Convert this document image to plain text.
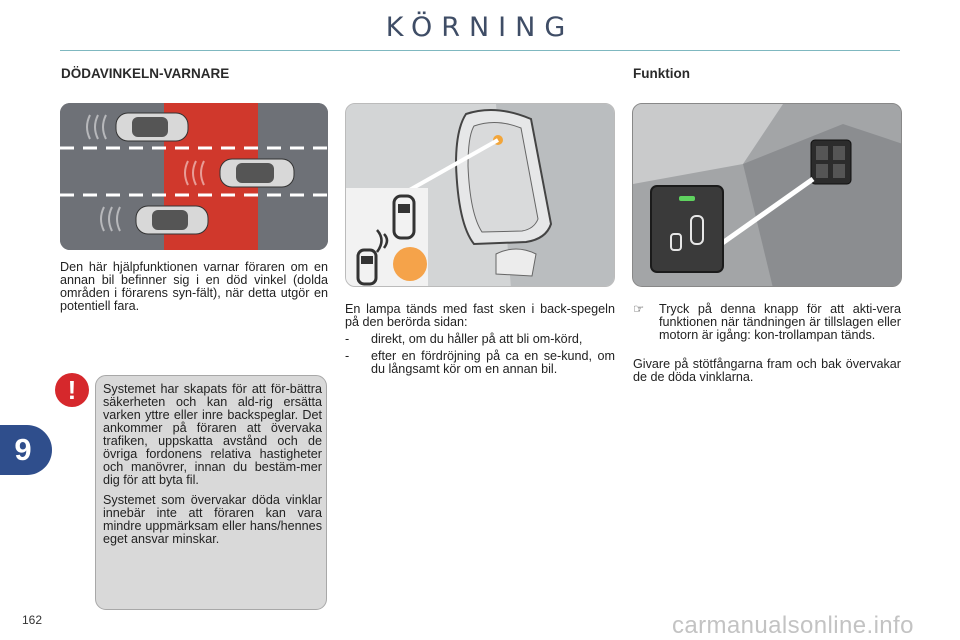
KÖRNING
DÖDAVINKELN-VARNARE
Den här hjälpfunktionen varnar föraren om en annan bil befinner sig i en död vinkel (dolda områden i förarens syn-fält), när detta utgör en potentiell fara.
!	Systemet har skapats för att för-bättra säkerheten och kan ald-rig ersätta varken yttre eller inre backspeglar. Det ankommer på föraren att övervaka trafiken, uppskatta avstånd och de övriga fordonens relativa hastigheter och manövrer, innan du bestäm-mer dig för att byta fil.

Systemet som övervakar döda vinklar innebär inte att föraren kan vara mindre uppmärksam eller hans/hennes eget ansvar minskar.

En lampa tänds med fast sken i back-spegeln på den berörda sidan:

-	direkt, om du håller på att bli om-körd,
-	efter en fördröjning på ca en se-kund, om du långsamt kör om en annan bil.
Funktion
☞	Tryck på denna knapp för att akti-vera funktionen när tändningen är tillslagen eller motorn är igång: kon-trollampan tänds.

Givare på stötfångarna fram och bak övervakar de de döda vinklarna.

9
162	carmanualsonline.info
